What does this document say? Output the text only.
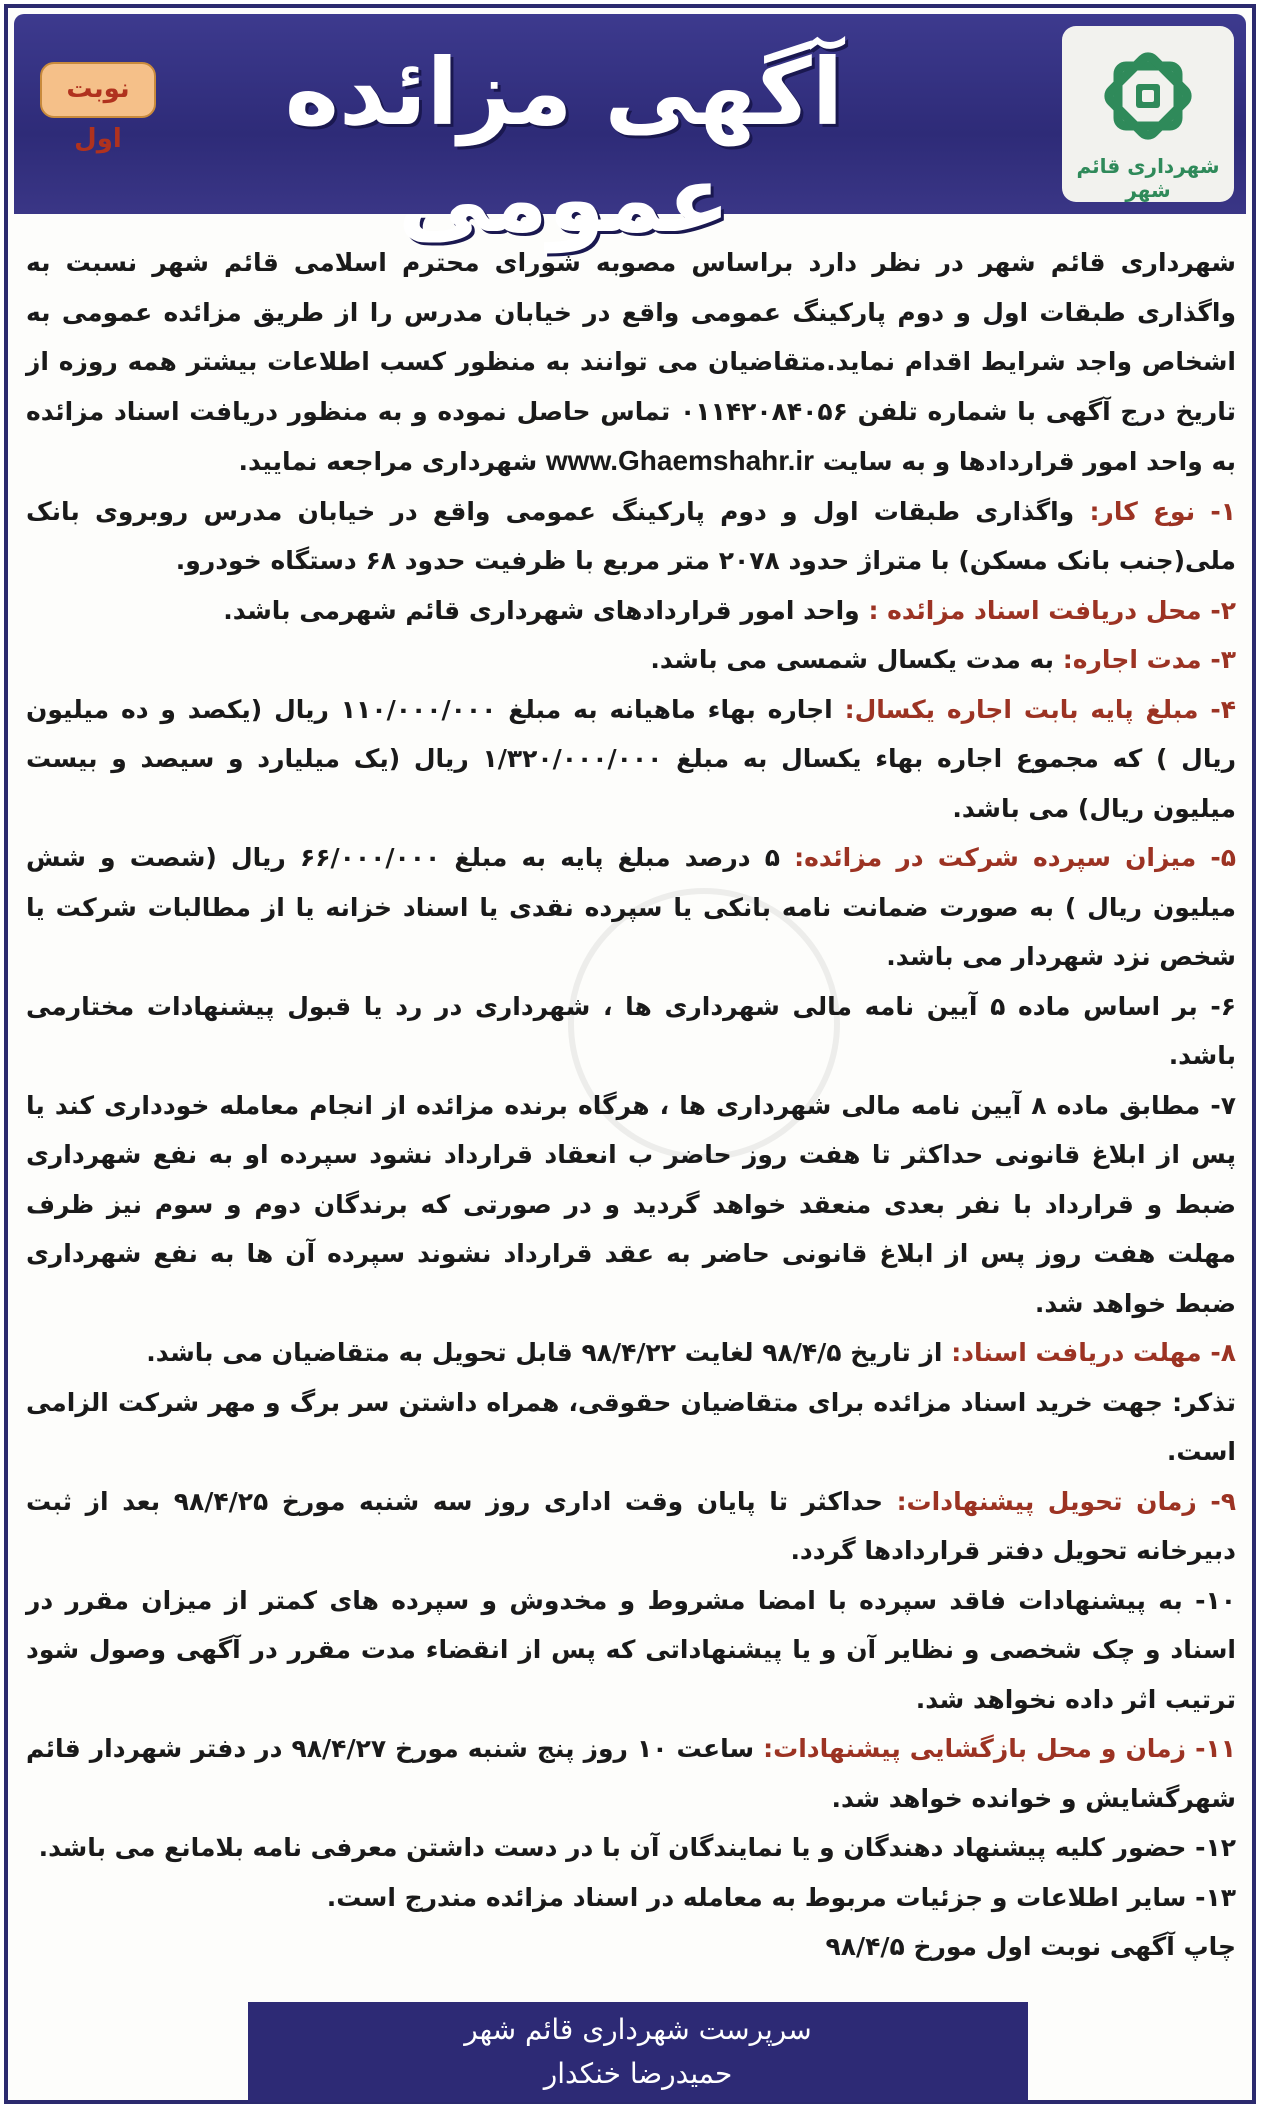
نوبت اول	آگهی مزائده عمومی	شهرداری قائم شهر

شهرداری قائم شهر در نظر دارد براساس مصوبه شورای محترم اسلامی قائم شهر نسبت به واگذاری طبقات اول و دوم پارکینگ عمومی واقع در خیابان مدرس را از طریق مزائده عمومی به اشخاص واجد شرایط اقدام نماید.متقاضیان می توانند به منظور کسب اطلاعات بیشتر همه روزه از تاریخ درج آگهی با شماره تلفن ۰۱۱۴۲۰۸۴۰۵۶ تماس حاصل نموده و به منظور دریافت اسناد مزائده به واحد امور قراردادها و به سایت www.Ghaemshahr.ir شهرداری مراجعه نمایید.

۱- نوع کار: واگذاری طبقات اول و دوم پارکینگ عمومی واقع در خیابان مدرس روبروی بانک ملی(جنب بانک مسکن) با متراژ حدود ۲۰۷۸ متر مربع با ظرفیت حدود ۶۸ دستگاه خودرو.

۲- محل دریافت اسناد مزائده : واحد امور قراردادهای شهرداری قائم شهرمی باشد.

۳- مدت اجاره: به مدت یکسال شمسی می باشد.

۴- مبلغ پایه بابت اجاره یکسال: اجاره بهاء ماهیانه به مبلغ ۱۱۰/۰۰۰/۰۰۰ ریال (یکصد و ده میلیون ریال ) که مجموع اجاره بهاء یکسال به مبلغ ۱/۳۲۰/۰۰۰/۰۰۰ ریال (یک میلیارد و سیصد و بیست میلیون ریال) می باشد.

۵- میزان سپرده شرکت در مزائده: ۵ درصد مبلغ پایه به مبلغ ۶۶/۰۰۰/۰۰۰ ریال (شصت و شش میلیون ریال ) به صورت ضمانت نامه بانکی یا سپرده نقدی یا اسناد خزانه یا از مطالبات شرکت یا شخص نزد شهردار می باشد.

۶- بر اساس ماده ۵ آیین نامه مالی شهرداری ها ، شهرداری در رد یا قبول پیشنهادات مختارمی باشد.

۷- مطابق ماده ۸ آیین نامه مالی شهرداری ها ، هرگاه برنده مزائده از انجام معامله خودداری کند یا پس از ابلاغ قانونی حداکثر تا هفت روز حاضر ب انعقاد قرارداد نشود سپرده او به نفع شهرداری ضبط و قرارداد با نفر بعدی منعقد خواهد گردید و در صورتی که برندگان دوم و سوم نیز ظرف مهلت هفت روز پس از ابلاغ قانونی حاضر به عقد قرارداد نشوند سپرده آن ها به نفع شهرداری ضبط خواهد شد.

۸- مهلت دریافت اسناد: از تاریخ ۹۸/۴/۵ لغایت ۹۸/۴/۲۲ قابل تحویل به متقاضیان می باشد.

تذکر: جهت خرید اسناد مزائده برای متقاضیان حقوقی، همراه داشتن سر برگ و مهر شرکت الزامی است.

۹- زمان تحویل پیشنهادات: حداکثر تا پایان وقت اداری روز سه شنبه مورخ ۹۸/۴/۲۵ بعد از ثبت دبیرخانه تحویل دفتر قراردادها گردد.

۱۰- به پیشنهادات فاقد سپرده با امضا مشروط و مخدوش و سپرده های کمتر از میزان مقرر در اسناد و چک شخصی و نظایر آن و یا پیشنهاداتی که پس از انقضاء مدت مقرر در آگهی وصول شود ترتیب اثر داده نخواهد شد.

۱۱- زمان و محل بازگشایی پیشنهادات: ساعت ۱۰ روز پنج شنبه مورخ ۹۸/۴/۲۷ در دفتر شهردار قائم شهرگشایش و خوانده خواهد شد.

۱۲- حضور کلیه پیشنهاد دهندگان و یا نمایندگان آن با در دست داشتن معرفی نامه بلامانع می باشد.

۱۳- سایر اطلاعات و جزئیات مربوط به معامله در اسناد مزائده مندرج است.

چاپ آگهی نوبت اول مورخ ۹۸/۴/۵

سرپرست شهرداری قائم شهر
حمیدرضا خنکدار
